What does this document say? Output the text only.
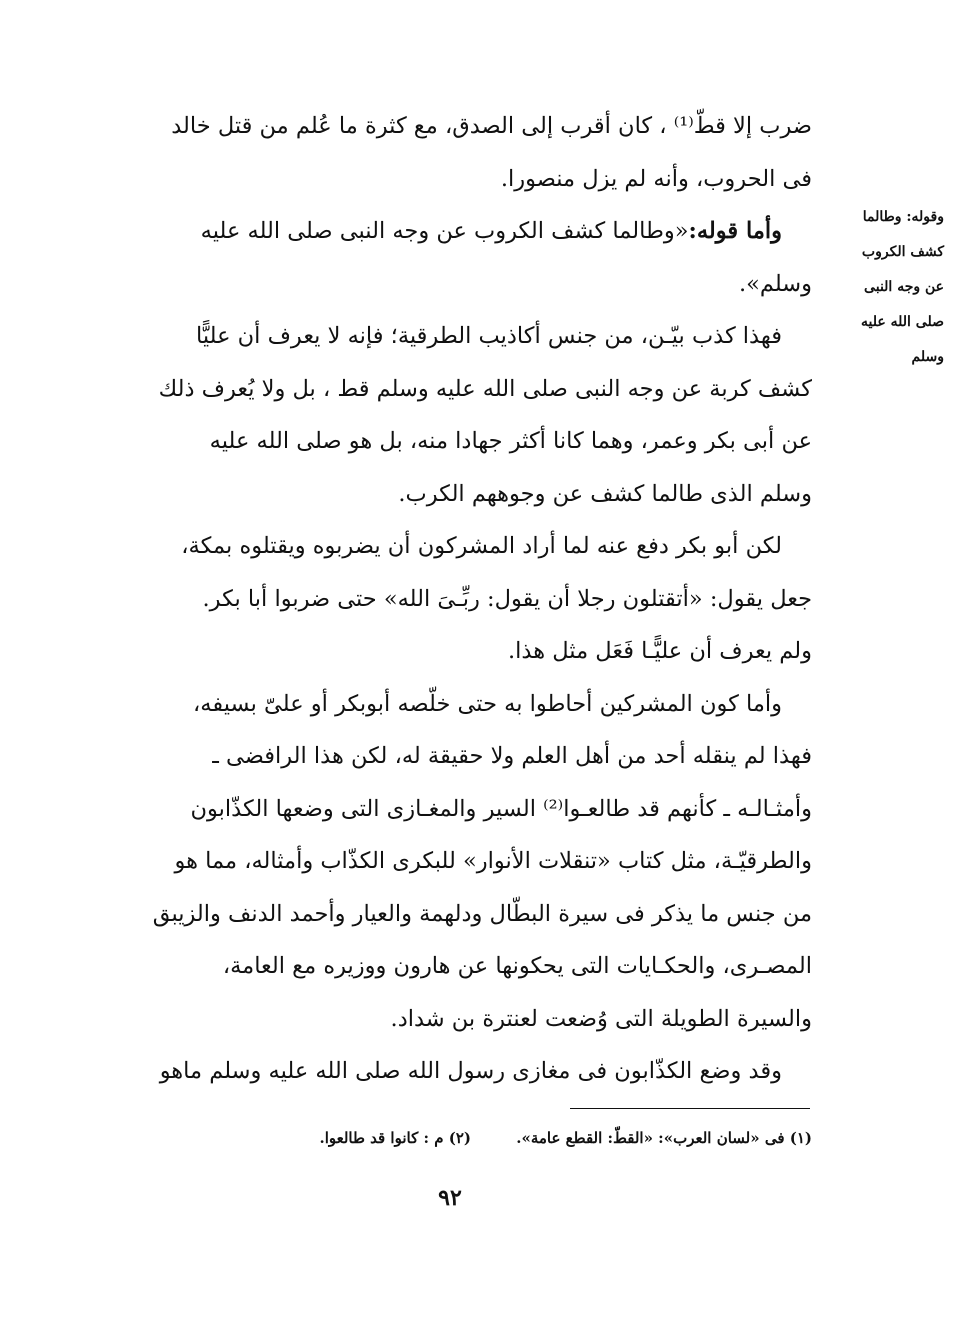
وقوله: وطالما
كشف الكروب
عن وجه النبى
صلى الله عليه
وسلم

ضرب إلا قطّ⁽¹⁾ ، كان أقرب إلى الصدق، مع كثرة ما عُلم من قتل خالد

فى الحروب، وأنه لم يزل منصورا.

وأما قوله:«وطالما كشف الكروب عن وجه النبى صلى الله عليه

وسلم».

فهذا كذب بيّـن، من جنس أكاذيب الطرقية؛ فإنه لا يعرف أن عليًّا

كشف كربة عن وجه النبى صلى الله عليه وسلم قط ، بل ولا يُعرف ذلك

عن أبى بكر وعمر، وهما كانا أكثر جهادا منه، بل هو صلى الله عليه

وسلم الذى طالما كشف عن وجوههم الكرب.

لكن أبو بكر دفع عنه لما أراد المشركون أن يضربوه ويقتلوه بمكة،

جعل يقول: «أتقتلون رجلا أن يقول: ربِّـىَ الله» حتى ضربوا أبا بكر.

ولم يعرف أن عليًّـا فَعَل مثل هذا.

وأما كون المشركين أحاطوا به حتى خلّصه أبوبكر أو علىّ بسيفه،

فهذا لم ينقله أحد من أهل العلم ولا حقيقة له، لكن هذا الرافضى ـ

وأمثـالـه ـ كأنهم قد طالعـوا⁽²⁾ السير والمغـازى التى وضعها الكذّابون

والطرقيّـة، مثل كتاب «تنقلات الأنوار» للبكرى الكذّاب وأمثاله، مما هو

من جنس ما يذكر فى سيرة البطّال ودلهمة والعيار وأحمد الدنف والزيبق

المصـرى، والحكـايات التى يحكونها عن هارون ووزيره مع العامة،

والسيرة الطويلة التى وُضعت لعنترة بن شداد.

وقد وضع الكذّابون فى مغازى رسول الله صلى الله عليه وسلم ماهو

(١) فى «لسان العرب»: «القطّ: القطع عامة». (٢) م : كانوا قد طالعوا.
٩٢
